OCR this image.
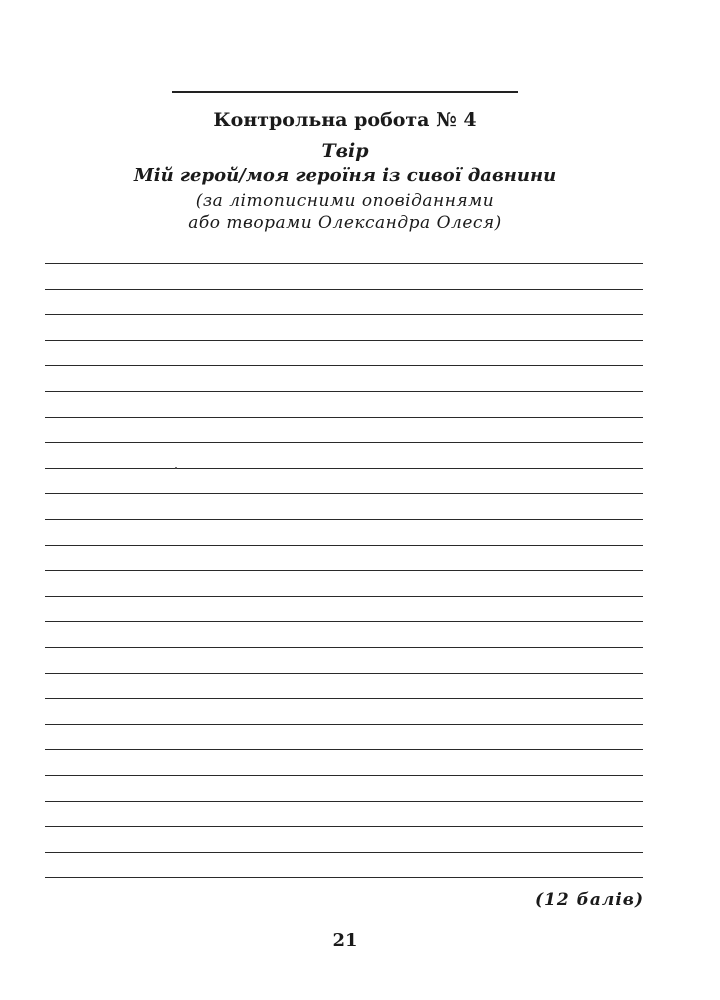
Контрольна робота № 4
Твір
Мій герой/моя героїня із сивої давнини
(за літописними оповіданнями
або творами Олександра Олеся)
(12 балів)
21
